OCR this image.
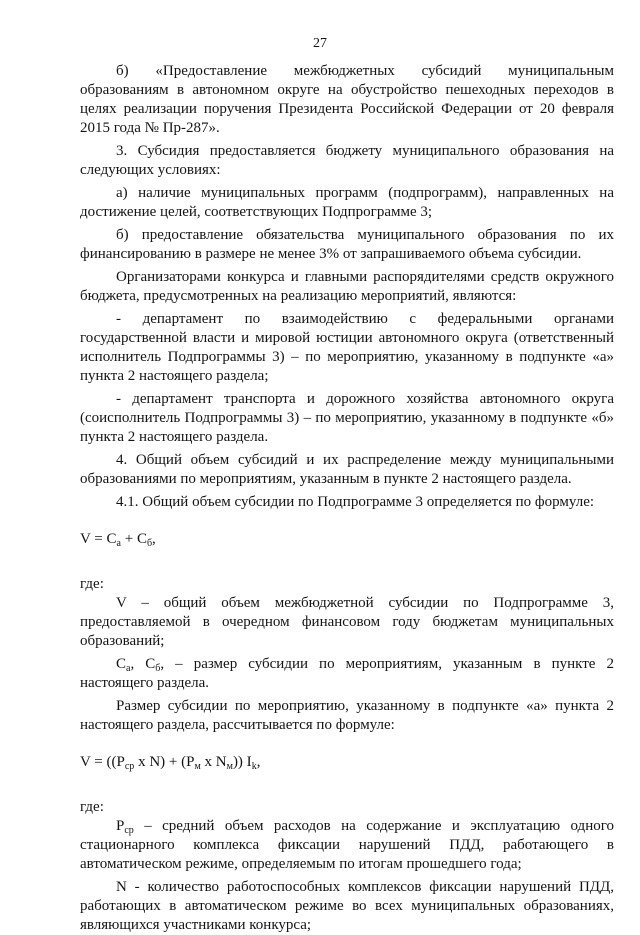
27

б) «Предоставление межбюджетных субсидий муниципальным образованиям в автономном округе на обустройство пешеходных переходов в целях реализации поручения Президента Российской Федерации от 20 февраля 2015 года № Пр-287».

3. Субсидия предоставляется бюджету муниципального образования на следующих условиях:

а) наличие муниципальных программ (подпрограмм), направленных на достижение целей, соответствующих Подпрограмме 3;

б) предоставление обязательства муниципального образования по их финансированию в размере не менее 3% от запрашиваемого объема субсидии.

Организаторами конкурса и главными распорядителями средств окружного бюджета, предусмотренных на реализацию мероприятий, являются:

- департамент по взаимодействию с федеральными органами государственной власти и мировой юстиции автономного округа (ответственный исполнитель Подпрограммы 3) – по мероприятию, указанному в подпункте «а» пункта 2 настоящего раздела;

- департамент транспорта и дорожного хозяйства автономного округа (соисполнитель Подпрограммы 3) – по мероприятию, указанному в подпункте «б» пункта 2 настоящего раздела.

4. Общий объем субсидий и их распределение между муниципальными образованиями по мероприятиям, указанным в пункте 2 настоящего раздела.

4.1. Общий объем субсидии по Подпрограмме 3 определяется по формуле:

$V = C_а + C_б$,

где:

V – общий объем межбюджетной субсидии по Подпрограмме 3, предоставляемой в очередном финансовом году бюджетам муниципальных образований;

$C_а$, $C_б$, – размер субсидии по мероприятиям, указанным в пункте 2 настоящего раздела.

Размер субсидии по мероприятию, указанному в подпункте «а» пункта 2 настоящего раздела, рассчитывается по формуле:

$V = ((P_{ср}$ x $N) + (P_м$ x $N_м$)) $I_k$,

где:

$P_{ср}$ – средний объем расходов на содержание и эксплуатацию одного стационарного комплекса фиксации нарушений ПДД, работающего в автоматическом режиме, определяемым по итогам прошедшего года;

N - количество работоспособных комплексов фиксации нарушений ПДД, работающих в автоматическом режиме во всех муниципальных образованиях, являющихся участниками конкурса;
